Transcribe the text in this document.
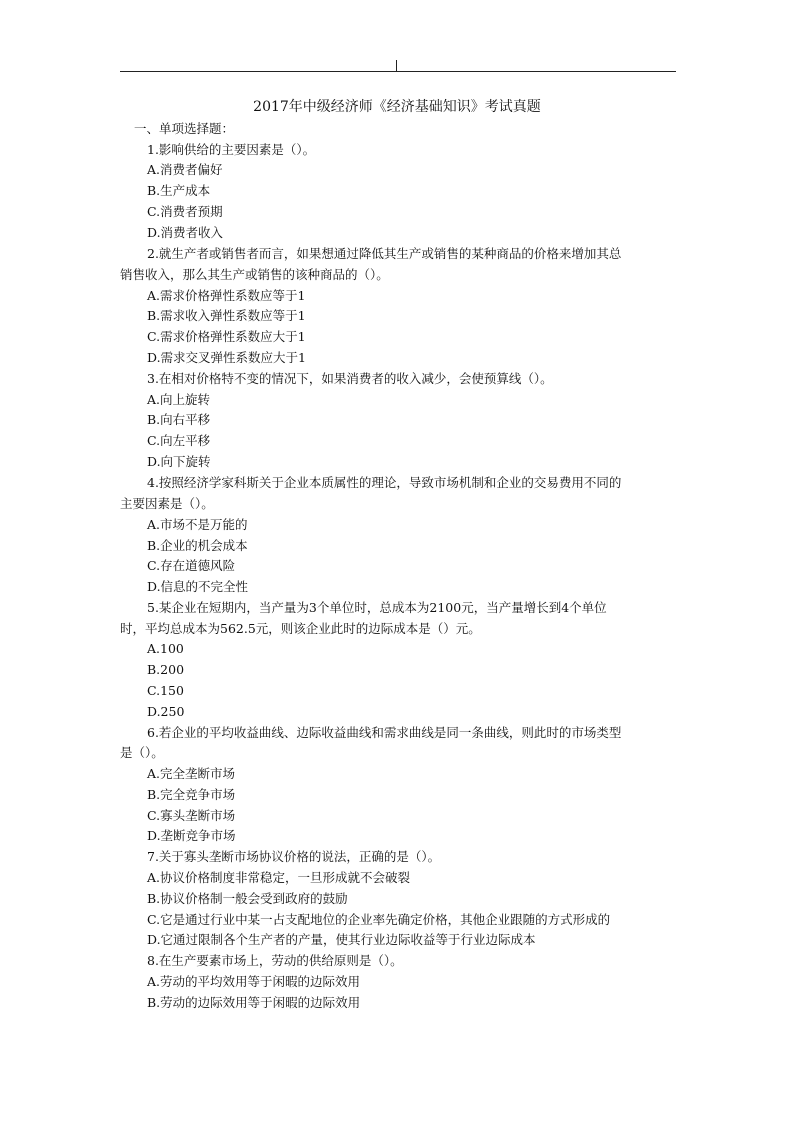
2017年中级经济师《经济基础知识》考试真题
一、单项选择题：
1.影响供给的主要因素是（）。
A.消费者偏好
B.生产成本
C.消费者预期
D.消费者收入
2.就生产者或销售者而言，如果想通过降低其生产或销售的某种商品的价格来增加其总
销售收入，那么其生产或销售的该种商品的（）。
A.需求价格弹性系数应等于1
B.需求收入弹性系数应等于1
C.需求价格弹性系数应大于1
D.需求交叉弹性系数应大于1
3.在相对价格特不变的情况下，如果消费者的收入减少，会使预算线（）。
A.向上旋转
B.向右平移
C.向左平移
D.向下旋转
4.按照经济学家科斯关于企业本质属性的理论，导致市场机制和企业的交易费用不同的
主要因素是（）。
A.市场不是万能的
B.企业的机会成本
C.存在道德风险
D.信息的不完全性
5.某企业在短期内，当产量为3个单位时，总成本为2100元，当产量增长到4个单位
时，平均总成本为562.5元，则该企业此时的边际成本是（）元。
A.100
B.200
C.150
D.250
6.若企业的平均收益曲线、边际收益曲线和需求曲线是同一条曲线，则此时的市场类型
是（）。
A.完全垄断市场
B.完全竞争市场
C.寡头垄断市场
D.垄断竞争市场
7.关于寡头垄断市场协议价格的说法，正确的是（）。
A.协议价格制度非常稳定，一旦形成就不会破裂
B.协议价格制一般会受到政府的鼓励
C.它是通过行业中某一占支配地位的企业率先确定价格，其他企业跟随的方式形成的
D.它通过限制各个生产者的产量，使其行业边际收益等于行业边际成本
8.在生产要素市场上，劳动的供给原则是（）。
A.劳动的平均效用等于闲暇的边际效用
B.劳动的边际效用等于闲暇的边际效用
